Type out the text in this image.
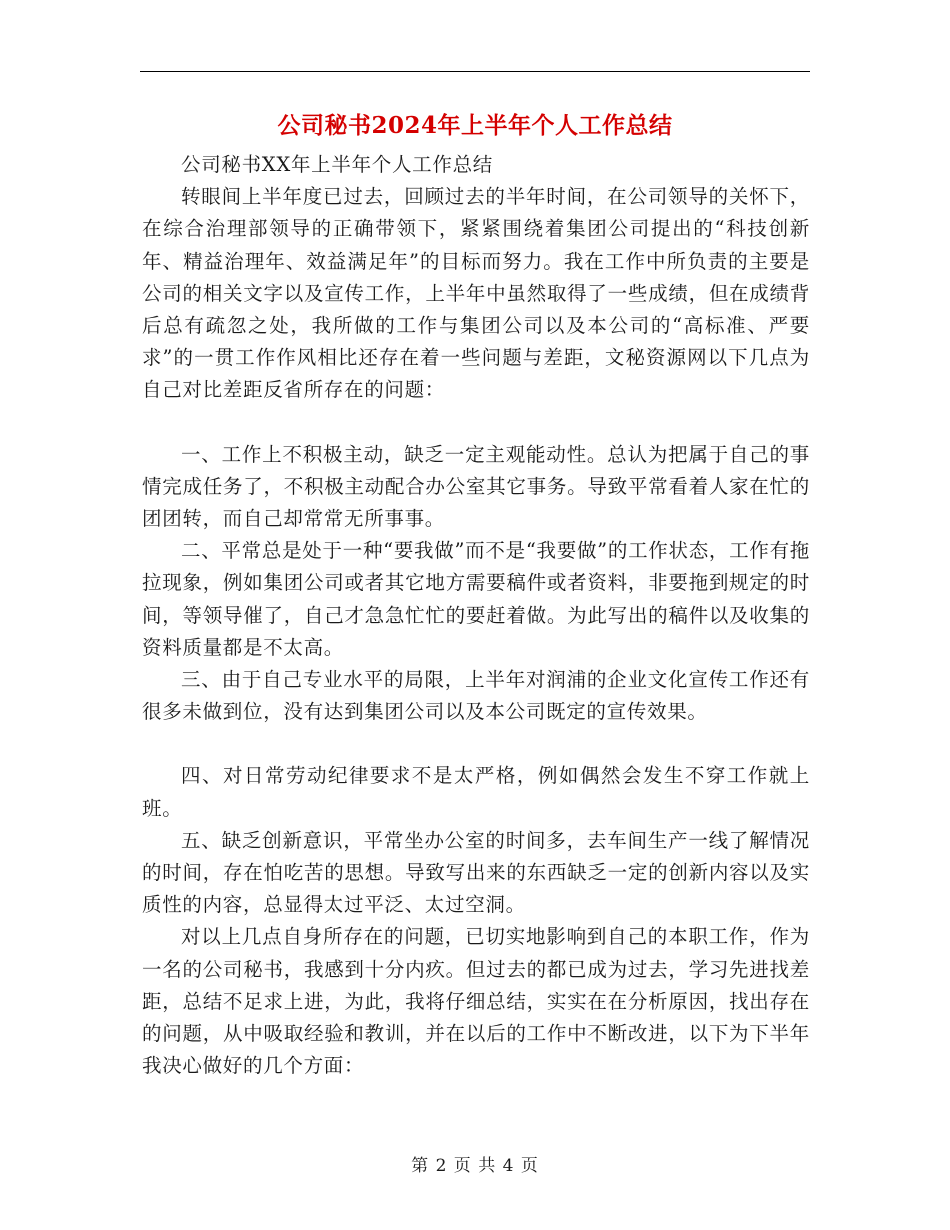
公司秘书2024年上半年个人工作总结

公司秘书XX年上半年个人工作总结

转眼间上半年度已过去，回顾过去的半年时间，在公司领导的关怀下，在综合治理部领导的正确带领下，紧紧围绕着集团公司提出的“科技创新年、精益治理年、效益满足年”的目标而努力。我在工作中所负责的主要是公司的相关文字以及宣传工作，上半年中虽然取得了一些成绩，但在成绩背后总有疏忽之处，我所做的工作与集团公司以及本公司的“高标准、严要求”的一贯工作作风相比还存在着一些问题与差距，文秘资源网以下几点为自己对比差距反省所存在的问题：

一、工作上不积极主动，缺乏一定主观能动性。总认为把属于自己的事情完成任务了，不积极主动配合办公室其它事务。导致平常看着人家在忙的团团转，而自己却常常无所事事。

二、平常总是处于一种“要我做”而不是“我要做”的工作状态，工作有拖拉现象，例如集团公司或者其它地方需要稿件或者资料，非要拖到规定的时间，等领导催了，自己才急急忙忙的要赶着做。为此写出的稿件以及收集的资料质量都是不太高。

三、由于自己专业水平的局限，上半年对润浦的企业文化宣传工作还有很多未做到位，没有达到集团公司以及本公司既定的宣传效果。

四、对日常劳动纪律要求不是太严格，例如偶然会发生不穿工作就上班。

五、缺乏创新意识，平常坐办公室的时间多，去车间生产一线了解情况的时间，存在怕吃苦的思想。导致写出来的东西缺乏一定的创新内容以及实质性的内容，总显得太过平泛、太过空洞。

对以上几点自身所存在的问题，已切实地影响到自己的本职工作，作为一名的公司秘书，我感到十分内疚。但过去的都已成为过去，学习先进找差距，总结不足求上进，为此，我将仔细总结，实实在在分析原因，找出存在的问题，从中吸取经验和教训，并在以后的工作中不断改进，以下为下半年我决心做好的几个方面：

第 2 页 共 4 页
